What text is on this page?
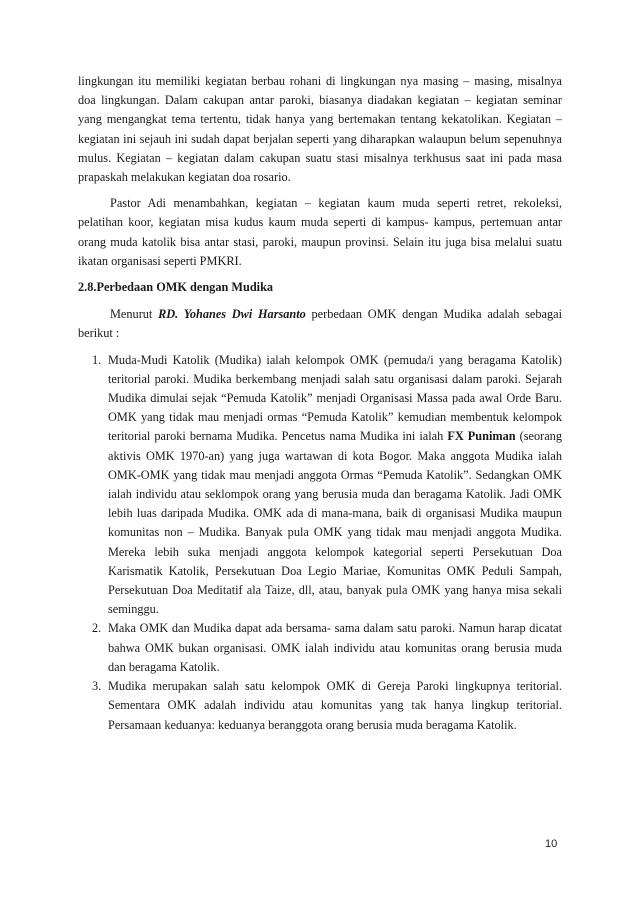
lingkungan itu memiliki kegiatan berbau rohani di lingkungan nya masing – masing, misalnya doa lingkungan. Dalam cakupan antar paroki, biasanya diadakan kegiatan – kegiatan seminar yang mengangkat tema tertentu, tidak hanya yang bertemakan tentang kekatolikan. Kegiatan – kegiatan ini sejauh ini sudah dapat berjalan seperti yang diharapkan walaupun belum sepenuhnya mulus. Kegiatan – kegiatan dalam cakupan suatu stasi misalnya terkhusus saat ini pada masa prapaskah melakukan kegiatan doa rosario.

Pastor Adi menambahkan, kegiatan – kegiatan kaum muda seperti retret, rekoleksi, pelatihan koor, kegiatan misa kudus kaum muda seperti di kampus- kampus, pertemuan antar orang muda katolik bisa antar stasi, paroki, maupun provinsi. Selain itu juga bisa melalui suatu ikatan organisasi seperti PMKRI.

2.8.Perbedaan OMK dengan Mudika

Menurut RD. Yohanes Dwi Harsanto perbedaan OMK dengan Mudika adalah sebagai berikut :

1. Muda-Mudi Katolik (Mudika) ialah kelompok OMK (pemuda/i yang beragama Katolik) teritorial paroki. Mudika berkembang menjadi salah satu organisasi dalam paroki. Sejarah Mudika dimulai sejak “Pemuda Katolik” menjadi Organisasi Massa pada awal Orde Baru. OMK yang tidak mau menjadi ormas “Pemuda Katolik” kemudian membentuk kelompok teritorial paroki bernama Mudika. Pencetus nama Mudika ini ialah FX Puniman (seorang aktivis OMK 1970-an) yang juga wartawan di kota Bogor. Maka anggota Mudika ialah OMK-OMK yang tidak mau menjadi anggota Ormas “Pemuda Katolik”. Sedangkan OMK ialah individu atau seklompok orang yang berusia muda dan beragama Katolik. Jadi OMK lebih luas daripada Mudika. OMK ada di mana-mana, baik di organisasi Mudika maupun komunitas non – Mudika. Banyak pula OMK yang tidak mau menjadi anggota Mudika. Mereka lebih suka menjadi anggota kelompok kategorial seperti Persekutuan Doa Karismatik Katolik, Persekutuan Doa Legio Mariae, Komunitas OMK Peduli Sampah, Persekutuan Doa Meditatif ala Taize, dll, atau, banyak pula OMK yang hanya misa sekali seminggu.
2. Maka OMK dan Mudika dapat ada bersama- sama dalam satu paroki. Namun harap dicatat bahwa OMK bukan organisasi. OMK ialah individu atau komunitas orang berusia muda dan beragama Katolik.
3. Mudika merupakan salah satu kelompok OMK di Gereja Paroki lingkupnya teritorial. Sementara OMK adalah individu atau komunitas yang tak hanya lingkup teritorial. Persamaan keduanya: keduanya beranggota orang berusia muda beragama Katolik.
10
